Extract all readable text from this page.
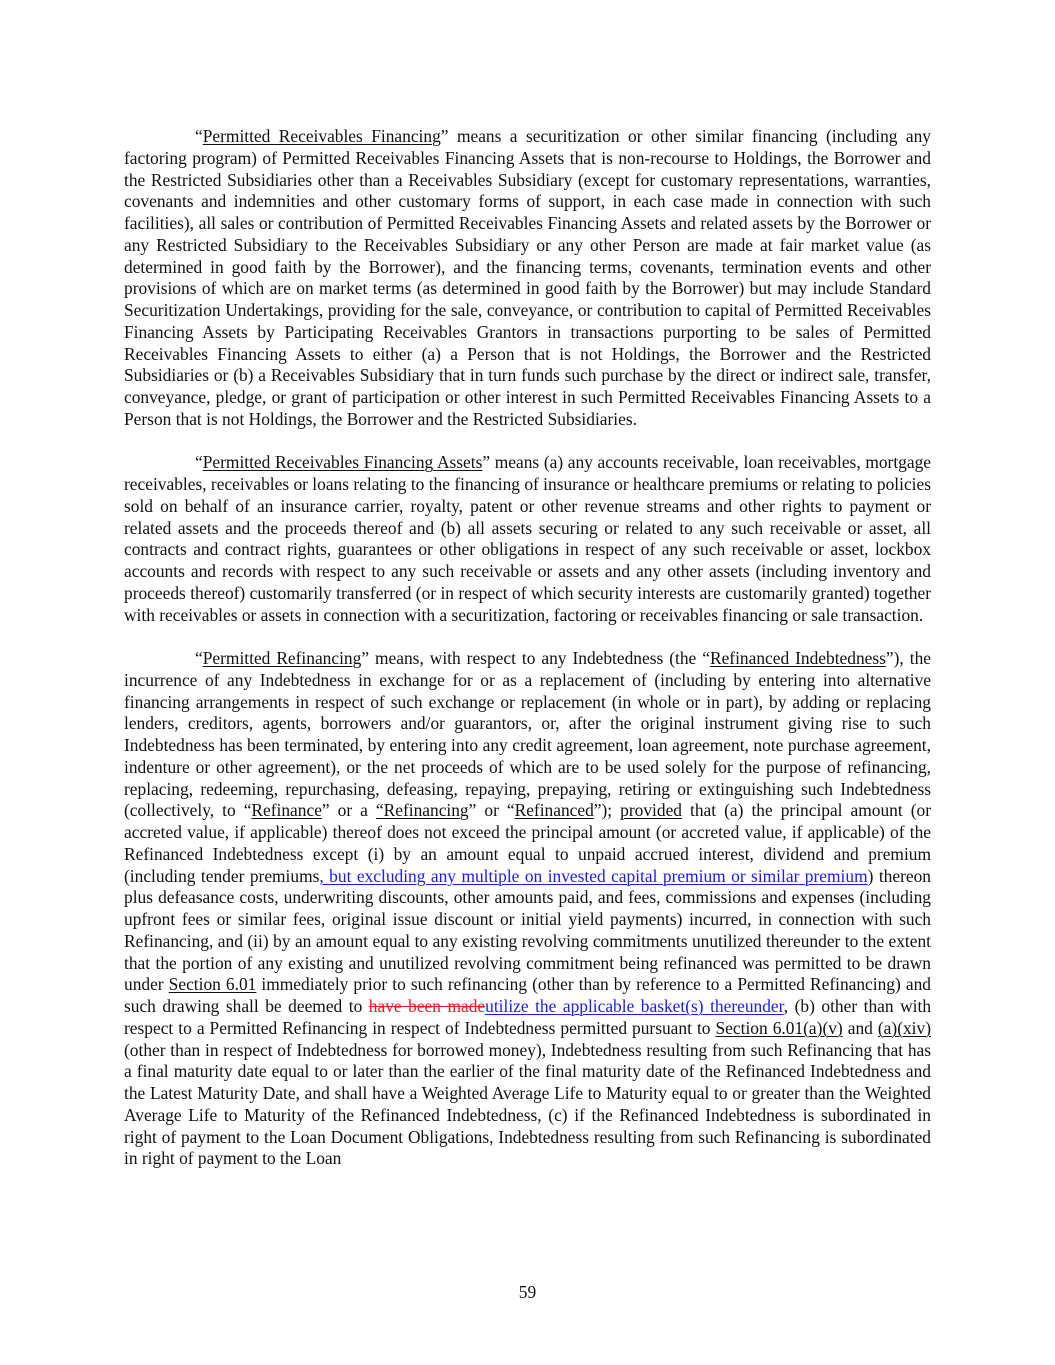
“Permitted Receivables Financing” means a securitization or other similar financing (including any factoring program) of Permitted Receivables Financing Assets that is non-recourse to Holdings, the Borrower and the Restricted Subsidiaries other than a Receivables Subsidiary (except for customary representations, warranties, covenants and indemnities and other customary forms of support, in each case made in connection with such facilities), all sales or contribution of Permitted Receivables Financing Assets and related assets by the Borrower or any Restricted Subsidiary to the Receivables Subsidiary or any other Person are made at fair market value (as determined in good faith by the Borrower), and the financing terms, covenants, termination events and other provisions of which are on market terms (as determined in good faith by the Borrower) but may include Standard Securitization Undertakings, providing for the sale, conveyance, or contribution to capital of Permitted Receivables Financing Assets by Participating Receivables Grantors in transactions purporting to be sales of Permitted Receivables Financing Assets to either (a) a Person that is not Holdings, the Borrower and the Restricted Subsidiaries or (b) a Receivables Subsidiary that in turn funds such purchase by the direct or indirect sale, transfer, conveyance, pledge, or grant of participation or other interest in such Permitted Receivables Financing Assets to a Person that is not Holdings, the Borrower and the Restricted Subsidiaries.

“Permitted Receivables Financing Assets” means (a) any accounts receivable, loan receivables, mortgage receivables, receivables or loans relating to the financing of insurance or healthcare premiums or relating to policies sold on behalf of an insurance carrier, royalty, patent or other revenue streams and other rights to payment or related assets and the proceeds thereof and (b) all assets securing or related to any such receivable or asset, all contracts and contract rights, guarantees or other obligations in respect of any such receivable or asset, lockbox accounts and records with respect to any such receivable or assets and any other assets (including inventory and proceeds thereof) customarily transferred (or in respect of which security interests are customarily granted) together with receivables or assets in connection with a securitization, factoring or receivables financing or sale transaction.

“Permitted Refinancing” means, with respect to any Indebtedness (the “Refinanced Indebtedness”), the incurrence of any Indebtedness in exchange for or as a replacement of (including by entering into alternative financing arrangements in respect of such exchange or replacement (in whole or in part), by adding or replacing lenders, creditors, agents, borrowers and/or guarantors, or, after the original instrument giving rise to such Indebtedness has been terminated, by entering into any credit agreement, loan agreement, note purchase agreement, indenture or other agreement), or the net proceeds of which are to be used solely for the purpose of refinancing, replacing, redeeming, repurchasing, defeasing, repaying, prepaying, retiring or extinguishing such Indebtedness (collectively, to “Refinance” or a “Refinancing” or “Refinanced”); provided that (a) the principal amount (or accreted value, if applicable) thereof does not exceed the principal amount (or accreted value, if applicable) of the Refinanced Indebtedness except (i) by an amount equal to unpaid accrued interest, dividend and premium (including tender premiums, but excluding any multiple on invested capital premium or similar premium) thereon plus defeasance costs, underwriting discounts, other amounts paid, and fees, commissions and expenses (including upfront fees or similar fees, original issue discount or initial yield payments) incurred, in connection with such Refinancing, and (ii) by an amount equal to any existing revolving commitments unutilized thereunder to the extent that the portion of any existing and unutilized revolving commitment being refinanced was permitted to be drawn under Section 6.01 immediately prior to such refinancing (other than by reference to a Permitted Refinancing) and such drawing shall be deemed to have been madeutilize the applicable basket(s) thereunder, (b) other than with respect to a Permitted Refinancing in respect of Indebtedness permitted pursuant to Section 6.01(a)(v) and (a)(xiv) (other than in respect of Indebtedness for borrowed money), Indebtedness resulting from such Refinancing that has a final maturity date equal to or later than the earlier of the final maturity date of the Refinanced Indebtedness and the Latest Maturity Date, and shall have a Weighted Average Life to Maturity equal to or greater than the Weighted Average Life to Maturity of the Refinanced Indebtedness, (c) if the Refinanced Indebtedness is subordinated in right of payment to the Loan Document Obligations, Indebtedness resulting from such Refinancing is subordinated in right of payment to the Loan

59
